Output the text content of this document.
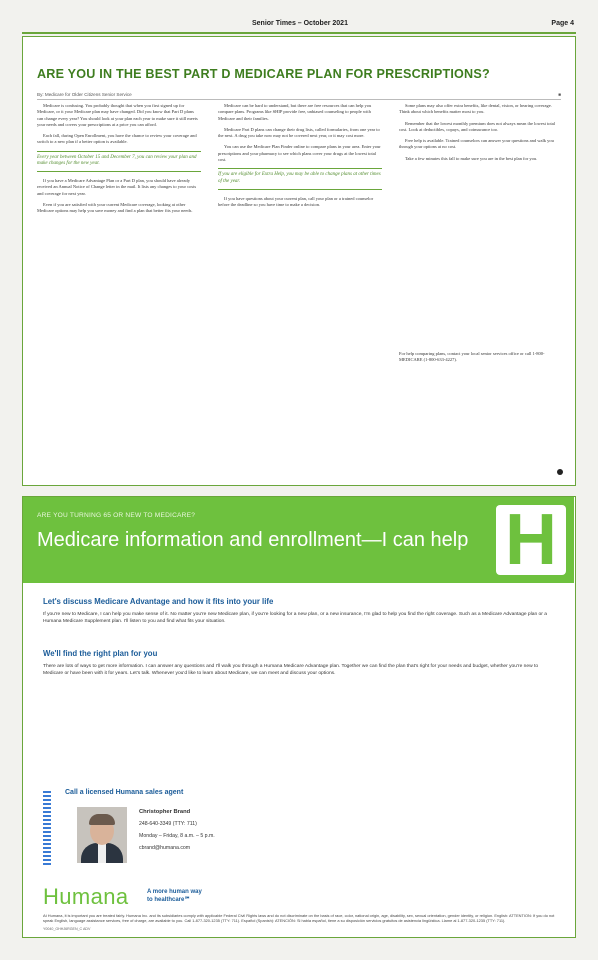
Senior Times – October 2021	Page 4
ARE YOU IN THE BEST PART D MEDICARE PLAN FOR PRESCRIPTIONS?
By: Medicare for Older Citizens Senior Service	■

Medicare is confusing. You probably thought that when you first signed up for Medicare, or it your Medicare plan may have changed. Did you know that Part D plans can change every year? You should look at your plan each year to make sure it still meets your needs and covers your prescriptions at a price you can afford.

Each fall, during Open Enrollment, you have the chance to review your coverage and switch to a new plan if a better option is available.

Every year between October 15 and December 7, you can review your plan and make changes for the new year.

If you have a Medicare Advantage Plan or a Part D plan, you should have already received an Annual Notice of Change letter in the mail. It lists any changes to your costs and coverage for next year.

Even if you are satisfied with your current Medicare coverage, looking at other Medicare options may help you save money and find a plan that better fits your needs.

Medicare can be hard to understand, but there are free resources that can help you compare plans. Programs like SHIP provide free, unbiased counseling to people with Medicare and their families.

Medicare Part D plans can change their drug lists, called formularies, from one year to the next. A drug you take now may not be covered next year, or it may cost more.

You can use the Medicare Plan Finder online to compare plans in your area. Enter your prescriptions and your pharmacy to see which plans cover your drugs at the lowest total cost.

If you are eligible for Extra Help, you may be able to change plans at other times of the year.

If you have questions about your current plan, call your plan or a trained counselor before the deadline so you have time to make a decision.

Some plans may also offer extra benefits, like dental, vision, or hearing coverage. Think about which benefits matter most to you.

Remember that the lowest monthly premium does not always mean the lowest total cost. Look at deductibles, copays, and coinsurance too.

Free help is available. Trained counselors can answer your questions and walk you through your options at no cost.

Take a few minutes this fall to make sure you are in the best plan for you.

For help comparing plans, contact your local senior services office or call 1-800-MEDICARE (1-800-633-4227).
ARE YOU TURNING 65 OR NEW TO MEDICARE?
Medicare information and enrollment—I can help H
Let's discuss Medicare Advantage and how it fits into your life
If you're new to Medicare, I can help you make sense of it. No matter you're new Medicare plan, if you're looking for a new plan, or a new insurance, I'm glad to help you find the right coverage. Such as a Medicare Advantage plan or a Humana Medicare Supplement plan. I'll listen to you and find what fits your situation.
We'll find the right plan for you
There are lots of ways to get more information. I can answer any questions and I'll walk you through a Humana Medicare Advantage plan. Together we can find the plan that's right for your needs and budget, whether you're new to Medicare or have been with it for years. Let's talk. Whenever you'd like to learn about Medicare, we can meet and discuss your options.
Call a licensed Humana sales agent
Christopher Brand
248-640-3349 (TTY: 711)
Monday – Friday, 8 a.m. – 5 p.m.
cbrand@humana.com
Humana	A more human way
to healthcare℠
At Humana, it is important you are treated fairly. Humana Inc. and its subsidiaries comply with applicable Federal Civil Rights laws and do not discriminate on the basis of race, color, national origin, age, disability, sex, sexual orientation, gender identity, or religion. English: ATTENTION: If you do not speak English, language assistance services, free of charge, are available to you. Call 1-877-320-1235 (TTY: 711). Español (Spanish): ATENCIÓN: Si habla español, tiene a su disposición servicios gratuitos de asistencia lingüística. Llame al 1-877-320-1235 (TTY: 711).
Y0040_GHHJ6RGEN_C ADV
